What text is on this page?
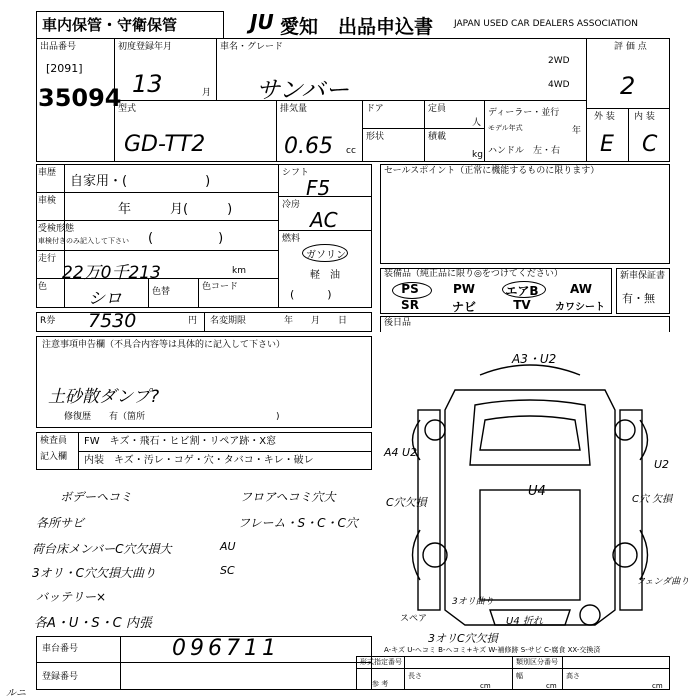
車内保管・守衛保管	JU 愛知 出品申込書 JAPAN USED CAR DEALERS ASSOCIATION
出品番号
[2091]
35094
初度登録年月
13	月
車名・グレード
サンバー
2WD
4WD
評 価 点
2
型式
GD-TT2
排気量
0.65 cc
ドア
形状
定員
人
積載
kg
ディーラー・並行
モデル年式	年
ハンドル　左・右
外 装 内 装
E C
車歴
自家用・(　　　　　　)
車検
年　　　月(　　　)
受検形態
車検付きのみ記入して下さい (　　　　　)
走行
22万0千213	km
色
シロ	色替	色コード
シフト
F5
冷房
AC
燃料
ガソリン
軽　油
(　　　)
セールスポイント（正常に機能するものに限ります）
装備品（純正品に限り◎をつけてください）
PS	PW	エアB	AW
SR	ナビ	TV	カワシート
新車保証書
有・無
R券 7530	円 名変期限	年　　月　　日	後日品
注意事項申告欄（不具合内容等は具体的に記入して下さい）
土砂散ダンプ?
修復歴　　有（箇所	)
検査員
記入欄
FW　キズ・飛石・ヒビ割・リペア跡・X窓
内装　キズ・汚レ・コゲ・穴・タバコ・キレ・破レ
ボデーヘコミ	フロアヘコミ穴大
各所サビ	フレーム・S・C・C穴
荷台床メンバーC穴欠損大	AU
3オリ・C穴欠損大曲り	SC
バッテリー×
各A・U・S・C 内張
A3・U2
A4 U2
C穴欠損
U4
U2
C穴 欠損
フェンダ曲り
3オリ曲り
U4 折れ
3オリC穴欠損
スペア
A-キズ U-ヘコミ B-ヘコミ+キズ W-補修跡 S-サビ C-腐食 XX-交換済
車台番号	096711
登録番号
形式指定番号	類別区分番号
参 考
長さ
cm
幅
cm
高さ
cm
ルニ
